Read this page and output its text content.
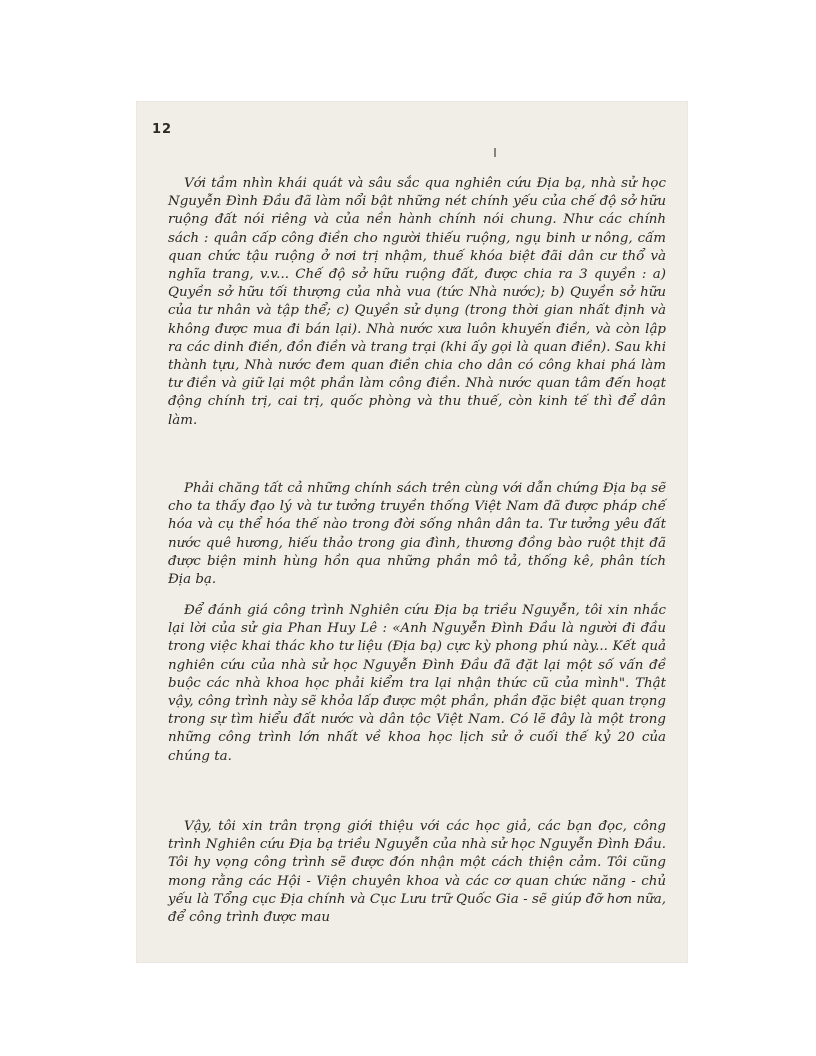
12

Với tầm nhìn khái quát và sâu sắc qua nghiên cứu Địa bạ, nhà sử học Nguyễn Đình Đầu đã làm nổi bật những nét chính yếu của chế độ sở hữu ruộng đất nói riêng và của nền hành chính nói chung. Như các chính sách : quân cấp công điền cho người thiếu ruộng, ngụ binh ư nông, cấm quan chức tậu ruộng ở nơi trị nhậm, thuế khóa biệt đãi dân cư thổ và nghĩa trang, v.v... Chế độ sở hữu ruộng đất, được chia ra 3 quyền : a) Quyền sở hữu tối thượng của nhà vua (tức Nhà nước); b) Quyền sở hữu của tư nhân và tập thể; c) Quyền sử dụng (trong thời gian nhất định và không được mua đi bán lại). Nhà nước xưa luôn khuyến điền, và còn lập ra các dinh điền, đồn điền và trang trại (khi ấy gọi là quan điền). Sau khi thành tựu, Nhà nước đem quan điền chia cho dân có công khai phá làm tư điền và giữ lại một phần làm công điền. Nhà nước quan tâm đến hoạt động chính trị, cai trị, quốc phòng và thu thuế, còn kinh tế thì để dân làm.

Phải chăng tất cả những chính sách trên cùng với dẫn chứng Địa bạ sẽ cho ta thấy đạo lý và tư tưởng truyền thống Việt Nam đã được pháp chế hóa và cụ thể hóa thế nào trong đời sống nhân dân ta. Tư tưởng yêu đất nước quê hương, hiếu thảo trong gia đình, thương đồng bào ruột thịt đã được biện minh hùng hồn qua những phần mô tả, thống kê, phân tích Địa bạ.

Để đánh giá công trình Nghiên cứu Địa bạ triều Nguyễn, tôi xin nhắc lại lời của sử gia Phan Huy Lê : «Anh Nguyễn Đình Đầu là người đi đầu trong việc khai thác kho tư liệu (Địa bạ) cực kỳ phong phú này... Kết quả nghiên cứu của nhà sử học Nguyễn Đình Đầu đã đặt lại một số vấn đề buộc các nhà khoa học phải kiểm tra lại nhận thức cũ của mình". Thật vậy, công trình này sẽ khỏa lấp được một phần, phần đặc biệt quan trọng trong sự tìm hiểu đất nước và dân tộc Việt Nam. Có lẽ đây là một trong những công trình lớn nhất về khoa học lịch sử ở cuối thế kỷ 20 của chúng ta.

Vậy, tôi xin trân trọng giới thiệu với các học giả, các bạn đọc, công trình Nghiên cứu Địa bạ triều Nguyễn của nhà sử học Nguyễn Đình Đầu. Tôi hy vọng công trình sẽ được đón nhận một cách thiện cảm. Tôi cũng mong rằng các Hội - Viện chuyên khoa và các cơ quan chức năng - chủ yếu là Tổng cục Địa chính và Cục Lưu trữ Quốc Gia - sẽ giúp đỡ hơn nữa, để công trình được mau
